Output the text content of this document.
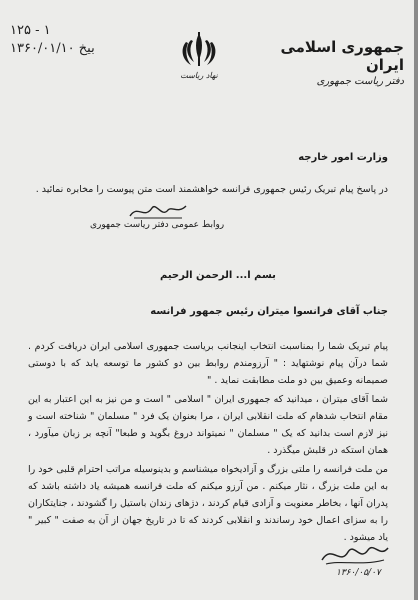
جمهوری اسلامی ایران
دفتر ریاست جمهوری
نهاد ریاست
۱۲۵ - ۱
۱۳۶۰/۰۱/۱۰ بیخ
وزارت امور خارجه
در پاسخ پیام تبریک رئیس جمهوری فرانسه خواهشمند است متن پیوست را مخابره نمائید .
روابط عمومی دفتر ریاست جمهوری
بسم ا... الرحمن الرحیم
جناب آقای فرانسوا میتران رئیس جمهور فرانسه

پیام تبریک شما را بمناسبت انتخاب اینجانب بریاست جمهوری اسلامی ایران دریافت کردم . شما درآن پیام نوشتهاید : " آرزومندم روابط بین دو کشور ما توسعه یابد که با دوستی صمیمانه وعمیق بین دو ملت مطابقت نماید . "

شما آقای میتران ، میدانید که جمهوری ایران " اسلامی " است و من نیز به این اعتبار به این مقام انتخاب شدهام که ملت انقلابی ایران ، مرا بعنوان یک فرد " مسلمان " شناخته است و نیز لازم است بدانید که یک " مسلمان " نمیتواند دروغ بگوید و طبعا" آنچه بر زبان میآورد ، همان استکه در قلبش میگذرد .

من ملت فرانسه را ملتی بزرگ و آزادیخواه میشناسم و بدینوسیله مراتب احترام قلبی خود را به این ملت بزرگ ، نثار میکنم . من آرزو میکنم که ملت فرانسه همیشه یاد داشته باشد که پدران آنها ، بخاطر معنویت و آزادی قیام کردند ، دژهای زندان باستیل را گشودند ، جنایتکاران را به سزای اعمال خود رساندند و انقلابی کردند که تا در تاریخ جهان از آن به صفت " کبیر " یاد میشود .

۱۳۶۰/۰۵/۰۷
